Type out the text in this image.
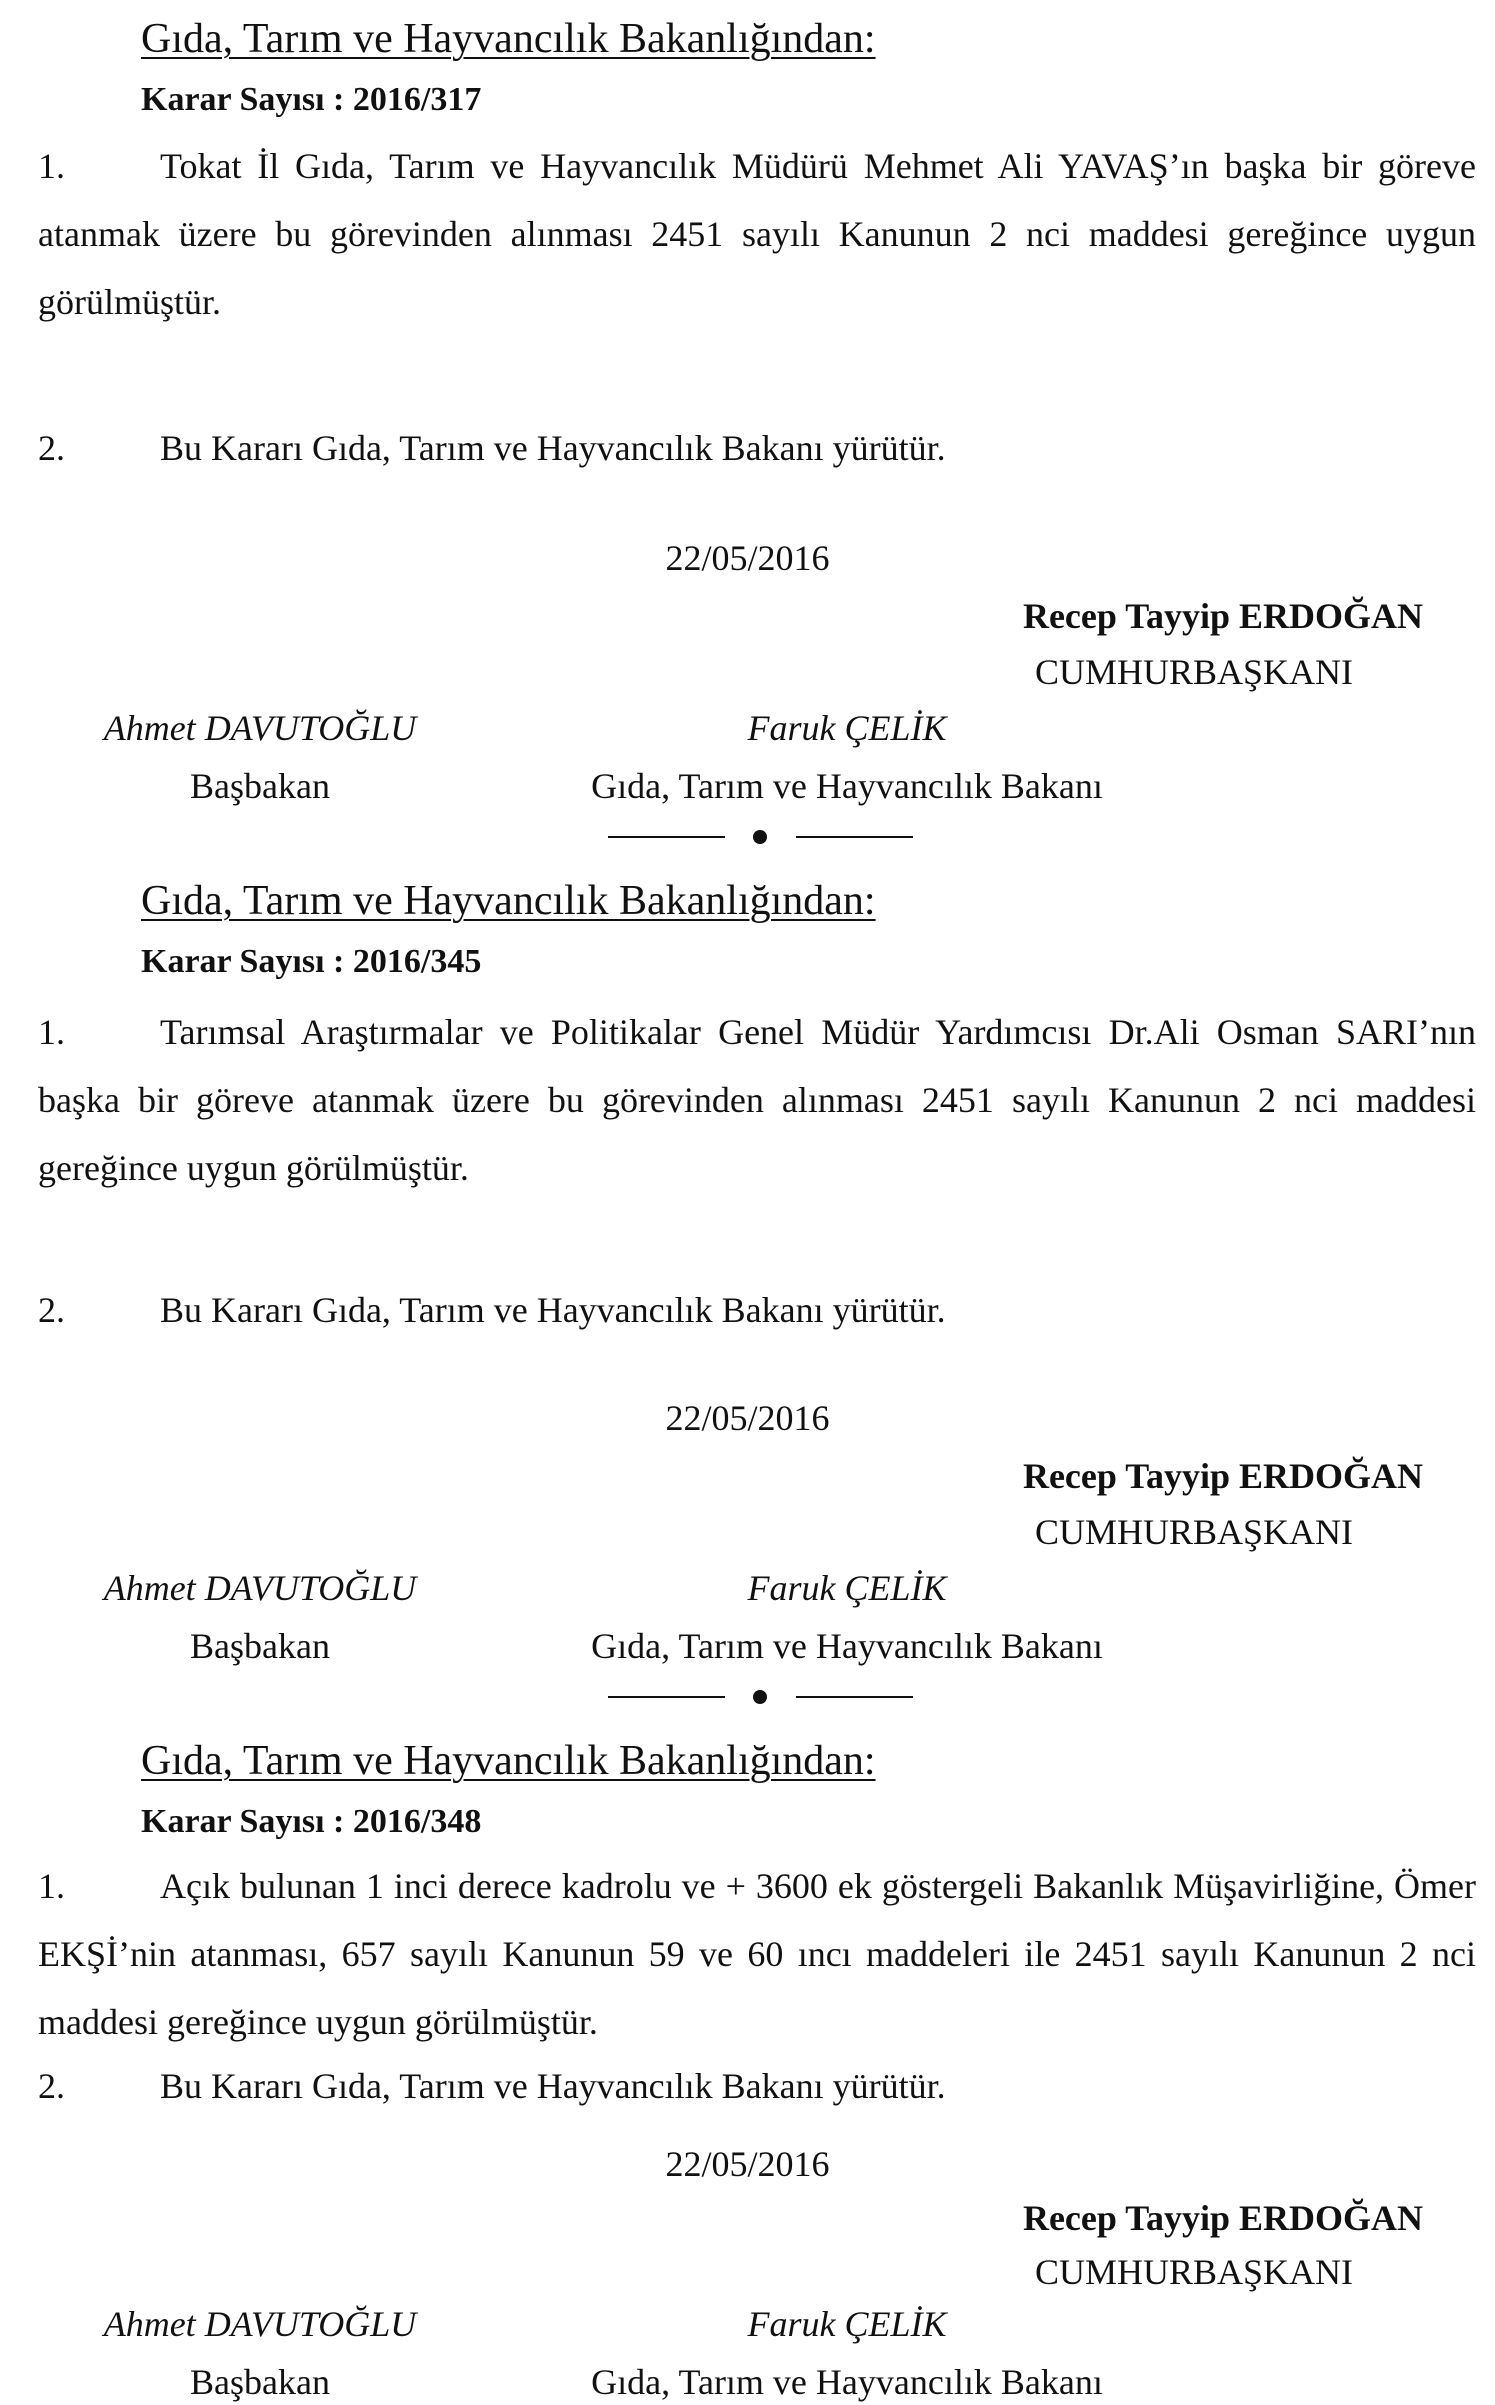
Gıda, Tarım ve Hayvancılık Bakanlığından:
Karar Sayısı : 2016/317
1.	Tokat İl Gıda, Tarım ve Hayvancılık Müdürü Mehmet Ali YAVAŞ’ın başka bir göreve atanmak üzere bu görevinden alınması 2451 sayılı Kanunun 2 nci maddesi gereğince uygun görülmüştür.
2.	Bu Kararı Gıda, Tarım ve Hayvancılık Bakanı yürütür.
22/05/2016
Recep Tayyip ERDOĞAN
CUMHURBAŞKANI
Ahmet DAVUTOĞLU
Başbakan
Faruk ÇELİK
Gıda, Tarım ve Hayvancılık Bakanı
Gıda, Tarım ve Hayvancılık Bakanlığından:
Karar Sayısı : 2016/345
1.	Tarımsal Araştırmalar ve Politikalar Genel Müdür Yardımcısı Dr.Ali Osman SARI’nın başka bir göreve atanmak üzere bu görevinden alınması 2451 sayılı Kanunun 2 nci maddesi gereğince uygun görülmüştür.
2.	Bu Kararı Gıda, Tarım ve Hayvancılık Bakanı yürütür.
22/05/2016
Recep Tayyip ERDOĞAN
CUMHURBAŞKANI
Ahmet DAVUTOĞLU
Başbakan
Faruk ÇELİK
Gıda, Tarım ve Hayvancılık Bakanı
Gıda, Tarım ve Hayvancılık Bakanlığından:
Karar Sayısı : 2016/348
1.	Açık bulunan 1 inci derece kadrolu ve + 3600 ek göstergeli Bakanlık Müşavirliğine, Ömer EKŞİ’nin atanması, 657 sayılı Kanunun 59 ve 60 ıncı maddeleri ile 2451 sayılı Kanunun 2 nci maddesi gereğince uygun görülmüştür.
2.	Bu Kararı Gıda, Tarım ve Hayvancılık Bakanı yürütür.
22/05/2016
Recep Tayyip ERDOĞAN
CUMHURBAŞKANI
Ahmet DAVUTOĞLU
Başbakan
Faruk ÇELİK
Gıda, Tarım ve Hayvancılık Bakanı
